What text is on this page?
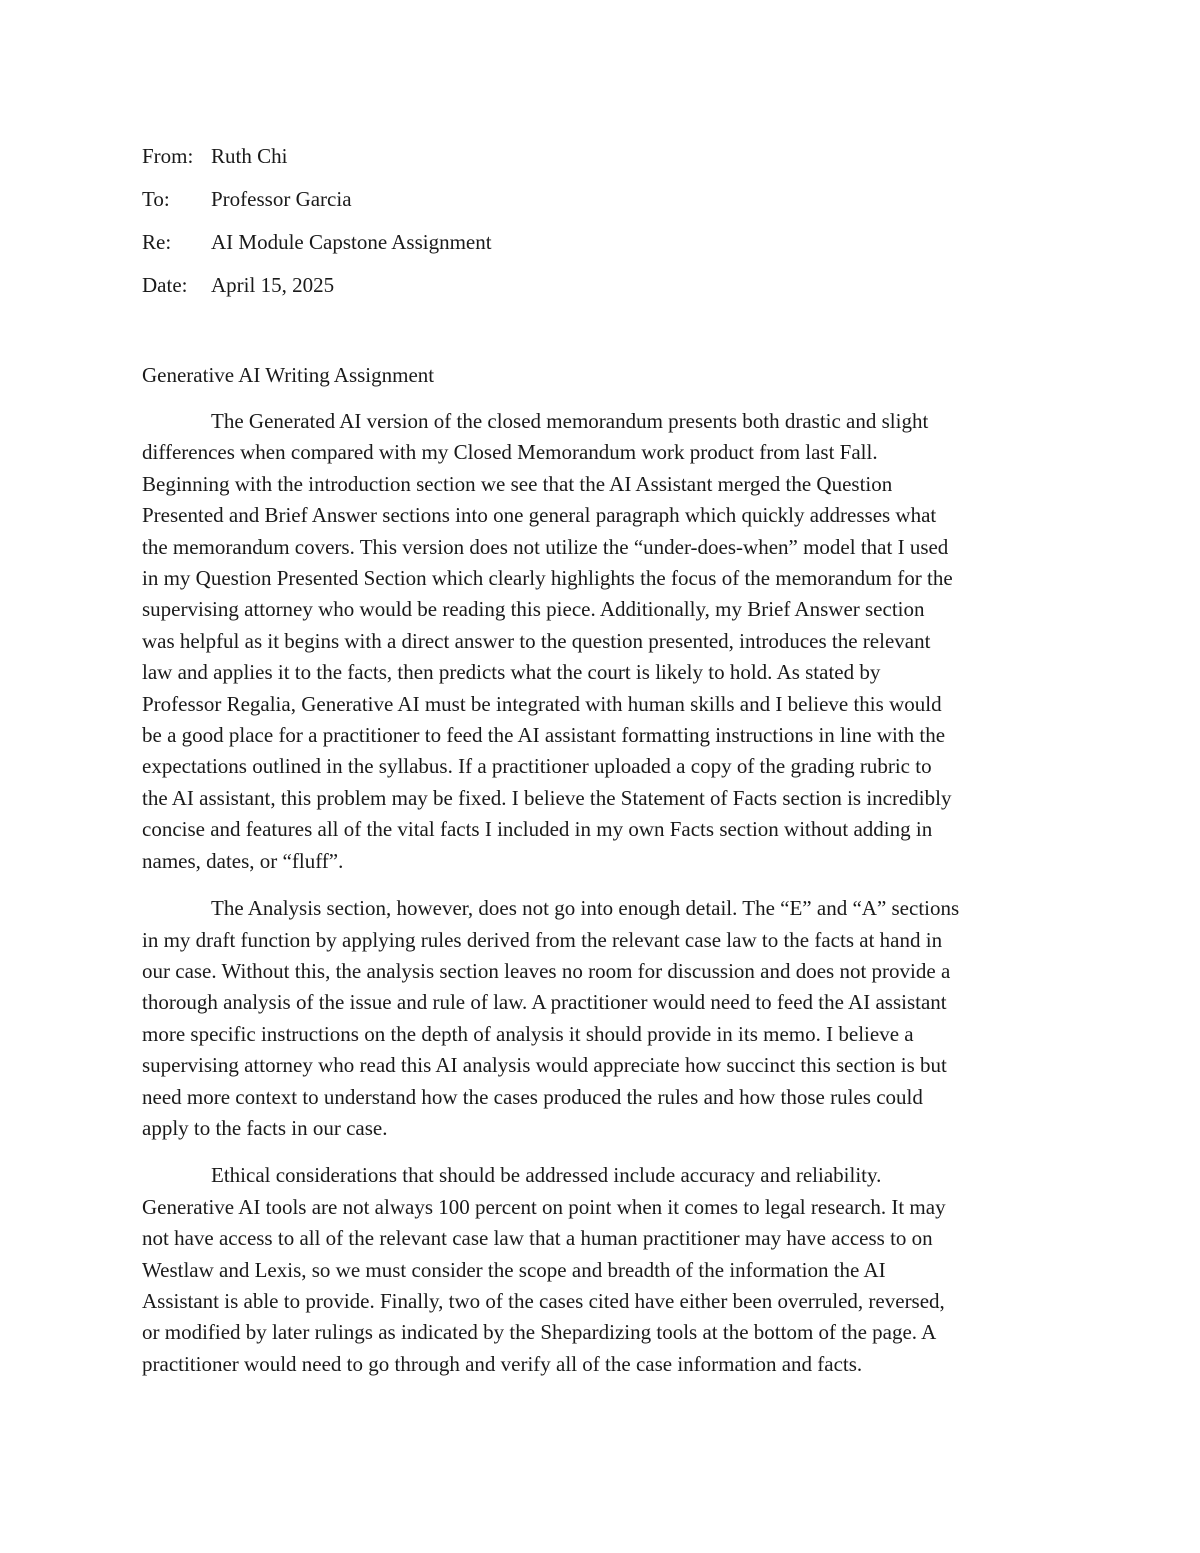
From: Ruth Chi
To:	Professor Garcia
Re:	AI Module Capstone Assignment
Date:	April 15, 2025
Generative AI Writing Assignment

The Generated AI version of the closed memorandum presents both drastic and slight
differences when compared with my Closed Memorandum work product from last Fall.
Beginning with the introduction section we see that the AI Assistant merged the Question
Presented and Brief Answer sections into one general paragraph which quickly addresses what
the memorandum covers. This version does not utilize the “under-does-when” model that I used
in my Question Presented Section which clearly highlights the focus of the memorandum for the
supervising attorney who would be reading this piece. Additionally, my Brief Answer section
was helpful as it begins with a direct answer to the question presented, introduces the relevant
law and applies it to the facts, then predicts what the court is likely to hold. As stated by
Professor Regalia, Generative AI must be integrated with human skills and I believe this would
be a good place for a practitioner to feed the AI assistant formatting instructions in line with the
expectations outlined in the syllabus. If a practitioner uploaded a copy of the grading rubric to
the AI assistant, this problem may be fixed. I believe the Statement of Facts section is incredibly
concise and features all of the vital facts I included in my own Facts section without adding in
names, dates, or “fluff”.

The Analysis section, however, does not go into enough detail. The “E” and “A” sections
in my draft function by applying rules derived from the relevant case law to the facts at hand in
our case. Without this, the analysis section leaves no room for discussion and does not provide a
thorough analysis of the issue and rule of law. A practitioner would need to feed the AI assistant
more specific instructions on the depth of analysis it should provide in its memo. I believe a
supervising attorney who read this AI analysis would appreciate how succinct this section is but
need more context to understand how the cases produced the rules and how those rules could
apply to the facts in our case.

Ethical considerations that should be addressed include accuracy and reliability.
Generative AI tools are not always 100 percent on point when it comes to legal research. It may
not have access to all of the relevant case law that a human practitioner may have access to on
Westlaw and Lexis, so we must consider the scope and breadth of the information the AI
Assistant is able to provide. Finally, two of the cases cited have either been overruled, reversed,
or modified by later rulings as indicated by the Shepardizing tools at the bottom of the page. A
practitioner would need to go through and verify all of the case information and facts.
